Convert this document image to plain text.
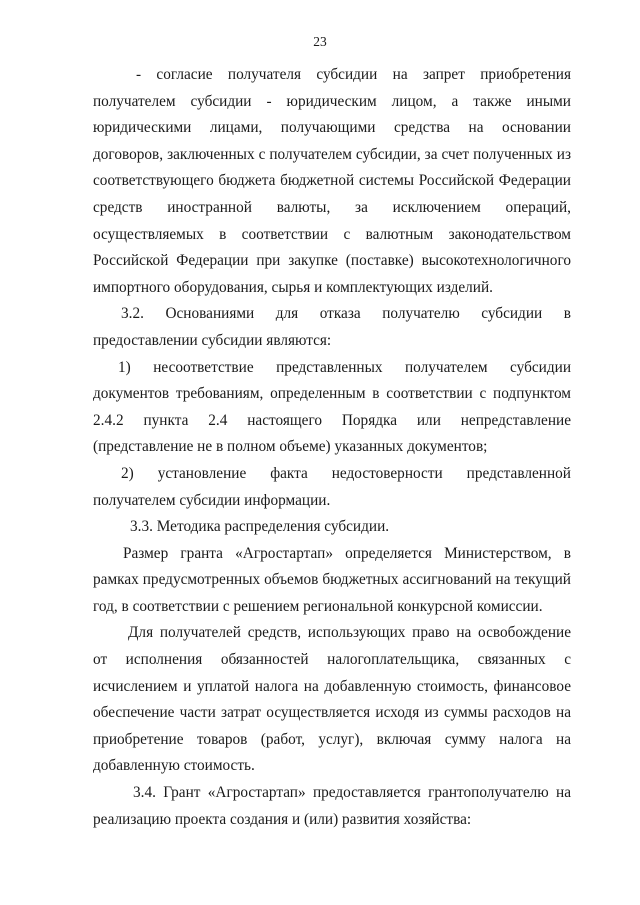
23

- согласие получателя субсидии на запрет приобретения получателем субсидии - юридическим лицом, а также иными юридическими лицами, получающими средства на основании договоров, заключенных с получателем субсидии, за счет полученных из соответствующего бюджета бюджетной системы Российской Федерации средств иностранной валюты, за исключением операций, осуществляемых в соответствии с валютным законодательством Российской Федерации при закупке (поставке) высокотехнологичного импортного оборудования, сырья и комплектующих изделий.

3.2. Основаниями для отказа получателю субсидии в

предоставлении субсидии являются:

1) несоответствие представленных получателем субсидии документов требованиям, определенным в соответствии с подпунктом 2.4.2 пункта 2.4 настоящего Порядка или непредставление (представление не в полном объеме) указанных документов;

2) установление факта недостоверности представленной

получателем субсидии информации.

3.3. Методика распределения субсидии.

Размер гранта «Агростартап» определяется Министерством, в рамках предусмотренных объемов бюджетных ассигнований на текущий год, в соответствии с решением региональной конкурсной комиссии.

Для получателей средств, использующих право на освобождение от исполнения обязанностей налогоплательщика, связанных с исчислением и уплатой налога на добавленную стоимость, финансовое обеспечение части затрат осуществляется исходя из суммы расходов на приобретение товаров (работ, услуг), включая сумму налога на добавленную стоимость.

3.4. Грант «Агростартап» предоставляется грантополучателю на реализацию проекта создания и (или) развития хозяйства:
